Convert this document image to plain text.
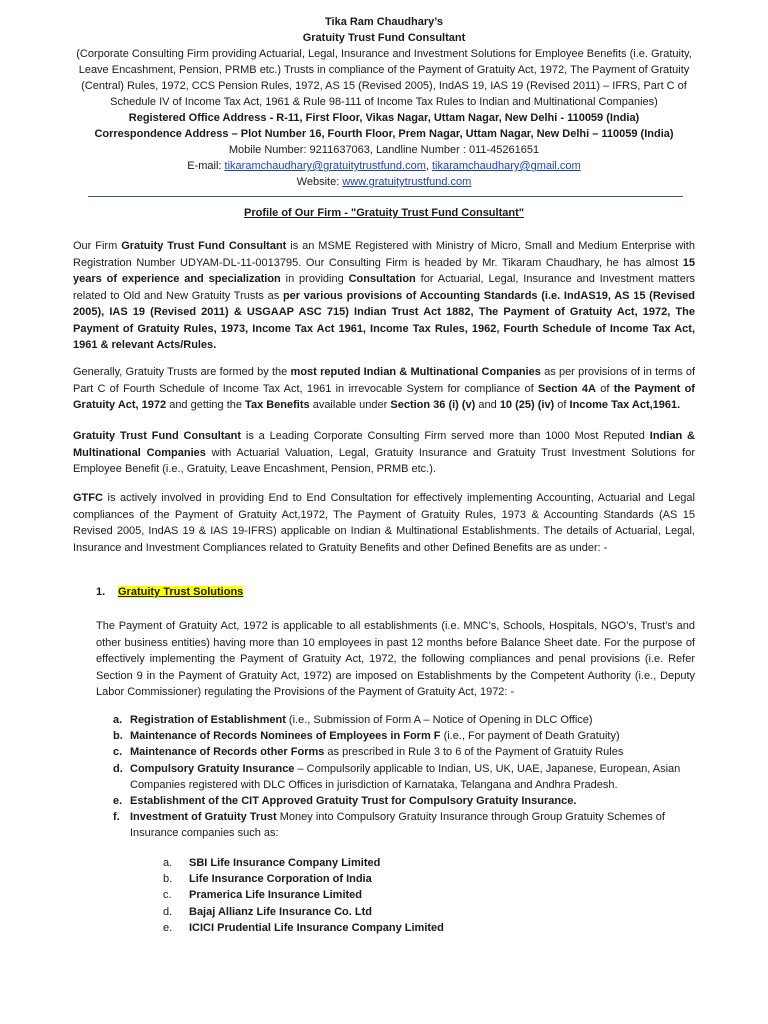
Tika Ram Chaudhary’s
Gratuity Trust Fund Consultant
(Corporate Consulting Firm providing Actuarial, Legal, Insurance and Investment Solutions for Employee Benefits (i.e. Gratuity, Leave Encashment, Pension, PRMB etc.) Trusts in compliance of the Payment of Gratuity Act, 1972, The Payment of Gratuity (Central) Rules, 1972, CCS Pension Rules, 1972, AS 15 (Revised 2005), IndAS 19, IAS 19 (Revised 2011) – IFRS, Part C of Schedule IV of Income Tax Act, 1961 & Rule 98-111 of Income Tax Rules to Indian and Multinational Companies)
Registered Office Address - R-11, First Floor, Vikas Nagar, Uttam Nagar, New Delhi - 110059 (India)
Correspondence Address – Plot Number 16, Fourth Floor, Prem Nagar, Uttam Nagar, New Delhi – 110059 (India)
Mobile Number: 9211637063, Landline Number : 011-45261651
E-mail: tikaramchaudhary@gratuitytrustfund.com, tikaramchaudhary@gmail.com
Website: www.gratuitytrustfund.com
Profile of Our Firm - "Gratuity Trust Fund Consultant"
Our Firm Gratuity Trust Fund Consultant is an MSME Registered with Ministry of Micro, Small and Medium Enterprise with Registration Number UDYAM-DL-11-0013795. Our Consulting Firm is headed by Mr. Tikaram Chaudhary, he has almost 15 years of experience and specialization in providing Consultation for Actuarial, Legal, Insurance and Investment matters related to Old and New Gratuity Trusts as per various provisions of Accounting Standards (i.e. IndAS19, AS 15 (Revised 2005), IAS 19 (Revised 2011) & USGAAP ASC 715) Indian Trust Act 1882, The Payment of Gratuity Act, 1972, The Payment of Gratuity Rules, 1973, Income Tax Act 1961, Income Tax Rules, 1962, Fourth Schedule of Income Tax Act, 1961 & relevant Acts/Rules.
Generally, Gratuity Trusts are formed by the most reputed Indian & Multinational Companies as per provisions of in terms of Part C of Fourth Schedule of Income Tax Act, 1961 in irrevocable System for compliance of Section 4A of the Payment of Gratuity Act, 1972 and getting the Tax Benefits available under Section 36 (i) (v) and 10 (25) (iv) of Income Tax Act,1961.
Gratuity Trust Fund Consultant is a Leading Corporate Consulting Firm served more than 1000 Most Reputed Indian & Multinational Companies with Actuarial Valuation, Legal, Gratuity Insurance and Gratuity Trust Investment Solutions for Employee Benefit (i.e., Gratuity, Leave Encashment, Pension, PRMB etc.).
GTFC is actively involved in providing End to End Consultation for effectively implementing Accounting, Actuarial and Legal compliances of the Payment of Gratuity Act,1972, The Payment of Gratuity Rules, 1973 & Accounting Standards (AS 15 Revised 2005, IndAS 19 & IAS 19-IFRS) applicable on Indian & Multinational Establishments. The details of Actuarial, Legal, Insurance and Investment Compliances related to Gratuity Benefits and other Defined Benefits are as under: -
1. Gratuity Trust Solutions
The Payment of Gratuity Act, 1972 is applicable to all establishments (i.e. MNC’s, Schools, Hospitals, NGO’s, Trust’s and other business entities) having more than 10 employees in past 12 months before Balance Sheet date. For the purpose of effectively implementing the Payment of Gratuity Act, 1972, the following compliances and penal provisions (i.e. Refer Section 9 in the Payment of Gratuity Act, 1972) are imposed on Establishments by the Competent Authority (i.e., Deputy Labor Commissioner) regulating the Provisions of the Payment of Gratuity Act, 1972: -
a. Registration of Establishment (i.e., Submission of Form A – Notice of Opening in DLC Office)
b. Maintenance of Records Nominees of Employees in Form F (i.e., For payment of Death Gratuity)
c. Maintenance of Records other Forms as prescribed in Rule 3 to 6 of the Payment of Gratuity Rules
d. Compulsory Gratuity Insurance – Compulsorily applicable to Indian, US, UK, UAE, Japanese, European, Asian Companies registered with DLC Offices in jurisdiction of Karnataka, Telangana and Andhra Pradesh.
e. Establishment of the CIT Approved Gratuity Trust for Compulsory Gratuity Insurance.
f. Investment of Gratuity Trust Money into Compulsory Gratuity Insurance through Group Gratuity Schemes of Insurance companies such as:
a. SBI Life Insurance Company Limited
b. Life Insurance Corporation of India
c. Pramerica Life Insurance Limited
d. Bajaj Allianz Life Insurance Co. Ltd
e. ICICI Prudential Life Insurance Company Limited
